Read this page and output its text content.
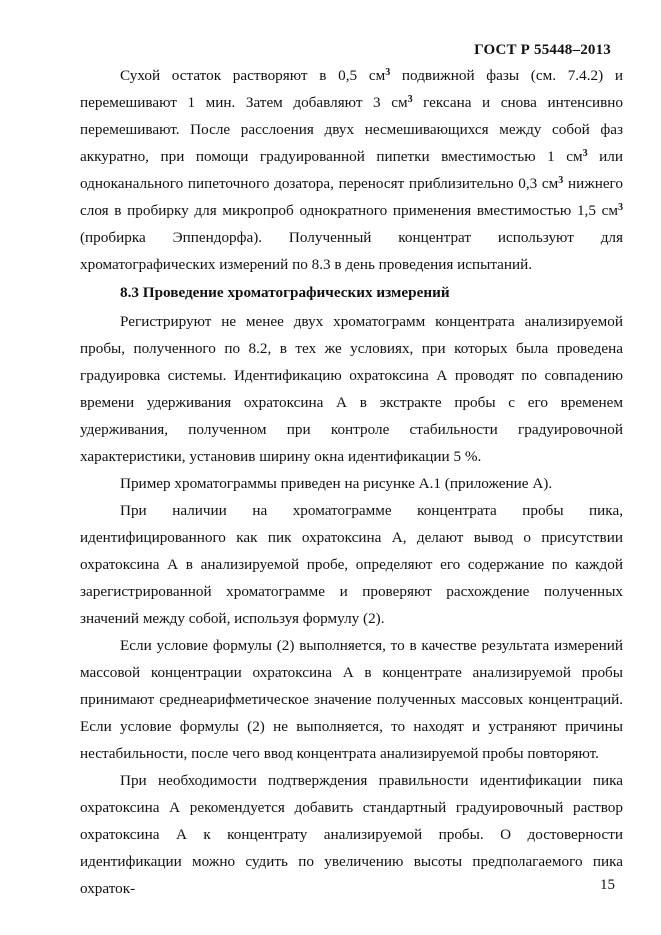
ГОСТ Р 55448–2013

Сухой остаток растворяют в 0,5 $см^3$ подвижной фазы (см. 7.4.2) и перемешивают 1 мин. Затем добавляют 3 $см^3$ гексана и снова интенсивно перемешивают. После расслоения двух несмешивающихся между собой фаз аккуратно, при помощи градуированной пипетки вместимостью 1 $см^3$ или одноканального пипеточного дозатора, переносят приблизительно 0,3 $см^3$ нижнего слоя в пробирку для микропроб однократного применения вместимостью 1,5 $см^3$ (пробирка Эппендорфа). Полученный концентрат используют для хроматографических измерений по 8.3 в день проведения испытаний.

8.3 Проведение хроматографических измерений

Регистрируют не менее двух хроматограмм концентрата анализируемой пробы, полученного по 8.2, в тех же условиях, при которых была проведена градуировка системы. Идентификацию охратоксина А проводят по совпадению времени удерживания охратоксина А в экстракте пробы с его временем удерживания, полученном при контроле стабильности градуировочной характеристики, установив ширину окна идентификации 5 %.

Пример хроматограммы приведен на рисунке А.1 (приложение А).

При наличии на хроматограмме концентрата пробы пика, идентифицированного как пик охратоксина А, делают вывод о присутствии охратоксина А в анализируемой пробе, определяют его содержание по каждой зарегистрированной хроматограмме и проверяют расхождение полученных значений между собой, используя формулу (2).

Если условие формулы (2) выполняется, то в качестве результата измерений массовой концентрации охратоксина А в концентрате анализируемой пробы принимают среднеарифметическое значение полученных массовых концентраций. Если условие формулы (2) не выполняется, то находят и устраняют причины нестабильности, после чего ввод концентрата анализируемой пробы повторяют.

При необходимости подтверждения правильности идентификации пика охратоксина А рекомендуется добавить стандартный градуировочный раствор охратоксина А к концентрату анализируемой пробы. О достоверности идентификации можно судить по увеличению высоты предполагаемого пика охраток-	15
